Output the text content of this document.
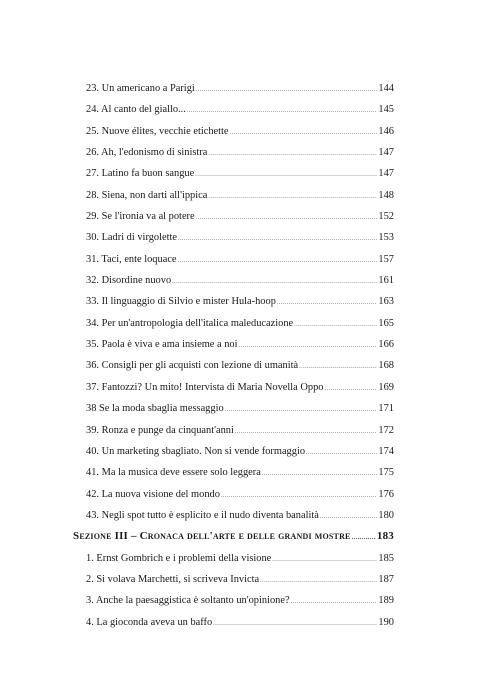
23. Un americano a Parigi .....	144
24. Al canto del giallo... .....	145
25. Nuove élites, vecchie etichette .....	146
26. Ah, l'edonismo di sinistra .....	147
27. Latino fa buon sangue .....	147
28. Siena, non darti all'ippica .....	148
29. Se l'ironia va al potere .....	152
30. Ladri di virgolette .....	153
31. Taci, ente loquace .....	157
32. Disordine nuovo .....	161
33. Il linguaggio di Silvio e mister Hula-hoop .....	163
34. Per un'antropologia dell'italica maleducazione .....	165
35. Paola è viva e ama insieme a noi .....	166
36. Consigli per gli acquisti con lezione di umanità .....	168
37. Fantozzi? Un mito! Intervista di Maria Novella Oppo .....	169
38 Se la moda sbaglia messaggio .....	171
39. Ronza e punge da cinquant'anni .....	172
40. Un marketing sbagliato. Non si vende formaggio .....	174
41. Ma la musica deve essere solo leggera .....	175
42. La nuova visione del mondo .....	176
43. Negli spot tutto è esplicito e il nudo diventa banalità .....	180
Sezione III – Cronaca dell'arte e delle grandi mostre ..... 183
1. Ernst Gombrich e i problemi della visione .....	185
2. Si volava Marchetti, si scriveva Invicta .....	187
3. Anche la paesaggistica è soltanto un'opinione? .....	189
4. La gioconda aveva un baffo .....	190
